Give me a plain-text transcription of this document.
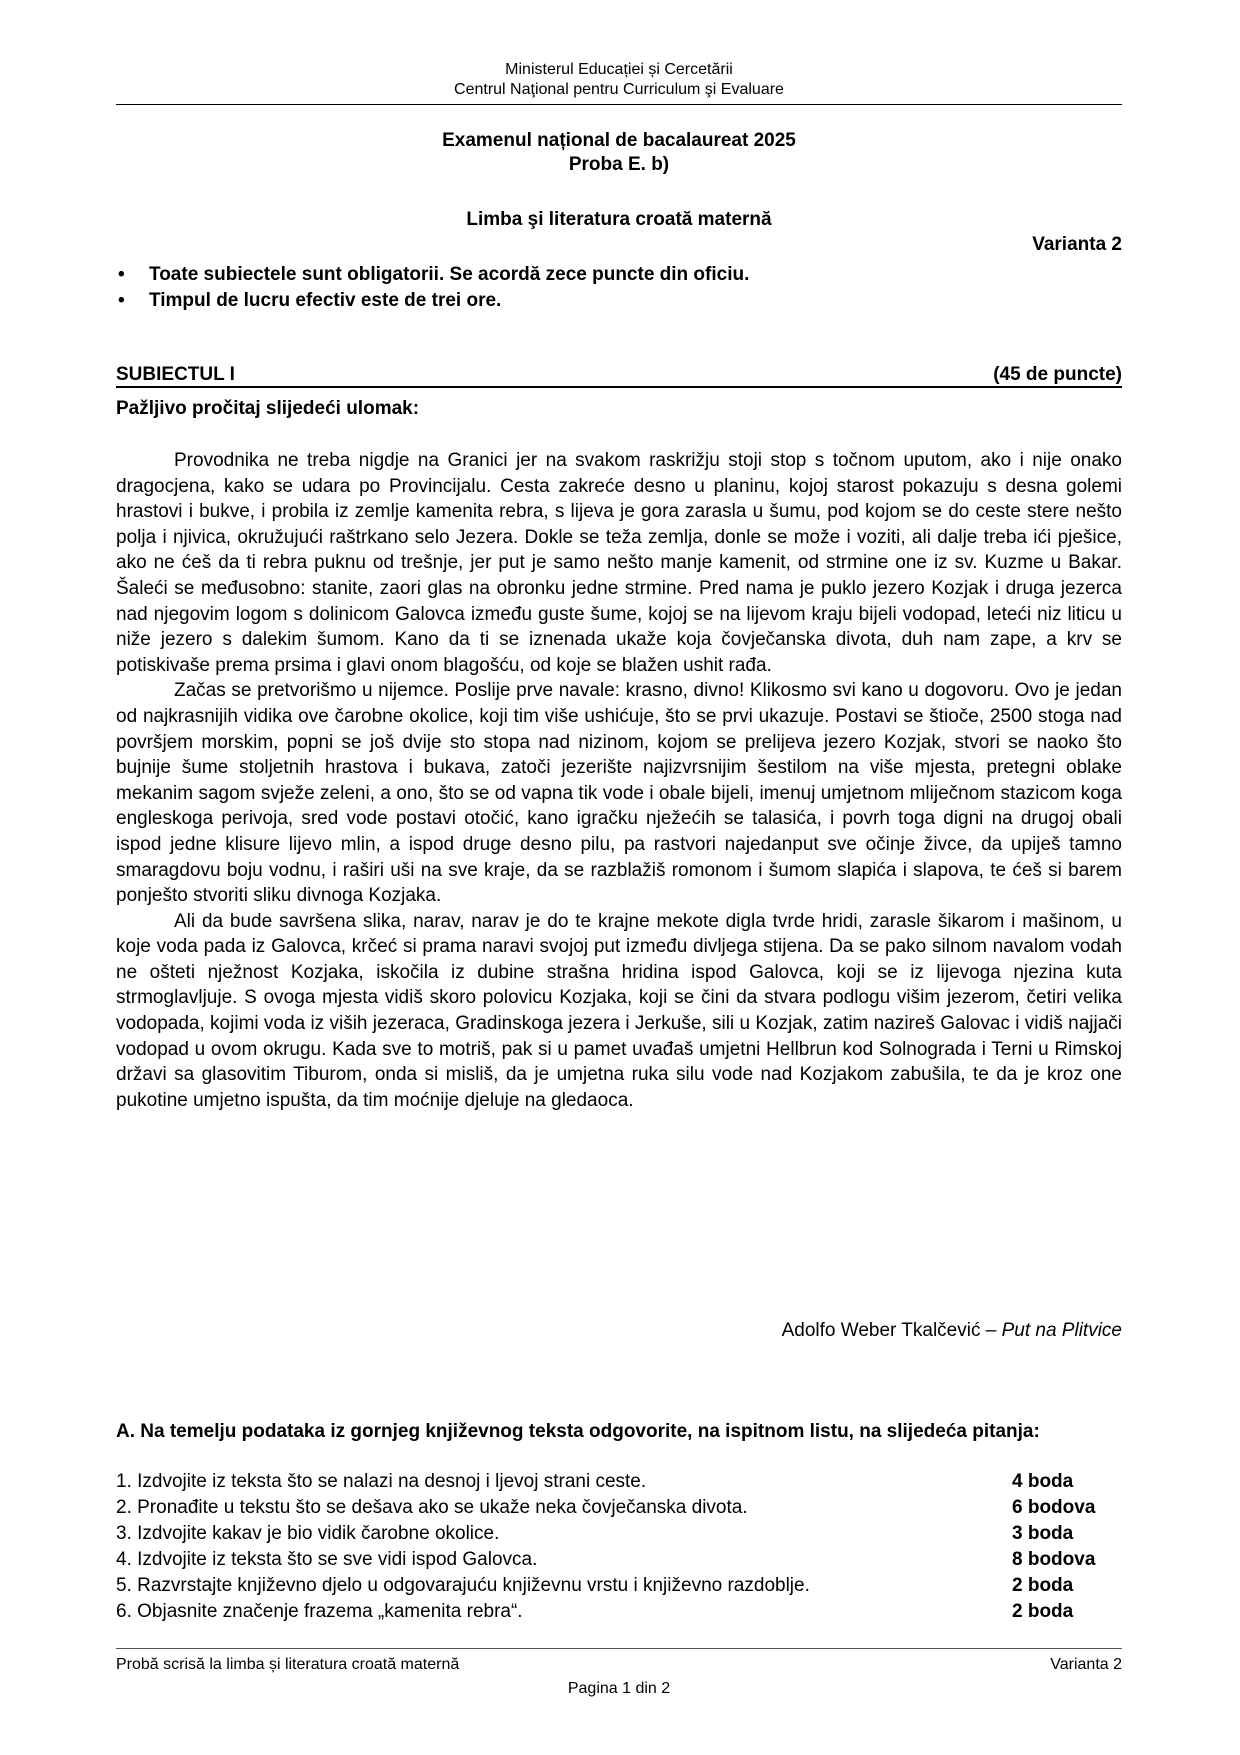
Ministerul Educației și Cercetării
Centrul Naţional pentru Curriculum şi Evaluare
Examenul național de bacalaureat 2025
Proba E. b)
Limba şi literatura croată maternă
Varianta 2
• Toate subiectele sunt obligatorii. Se acordă zece puncte din oficiu.
• Timpul de lucru efectiv este de trei ore.
SUBIECTUL I	(45 de puncte)
Pažljivo pročitaj slijedeći ulomak:

Provodnika ne treba nigdje na Granici jer na svakom raskrižju stoji stop s točnom uputom, ako i nije onako dragocjena, kako se udara po Provincijalu. Cesta zakreće desno u planinu, kojoj starost pokazuju s desna golemi hrastovi i bukve, i probila iz zemlje kamenita rebra, s lijeva je gora zarasla u šumu, pod kojom se do ceste stere nešto polja i njivica, okružujući raštrkano selo Jezera. Dokle se teža zemlja, donle se može i voziti, ali dalje treba ići pješice, ako ne ćeš da ti rebra puknu od trešnje, jer put je samo nešto manje kamenit, od strmine one iz sv. Kuzme u Bakar. Šaleći se međusobno: stanite, zaori glas na obronku jedne strmine. Pred nama je puklo jezero Kozjak i druga jezerca nad njegovim logom s dolinicom Galovca između guste šume, kojoj se na lijevom kraju bijeli vodopad, leteći niz liticu u niže jezero s dalekim šumom. Kano da ti se iznenada ukaže koja čovječanska divota, duh nam zape, a krv se potiskivaše prema prsima i glavi onom blagošću, od koje se blažen ushit rađa.

Začas se pretvorišmo u nijemce. Poslije prve navale: krasno, divno! Klikosmo svi kano u dogovoru. Ovo je jedan od najkrasnijih vidika ove čarobne okolice, koji tim više ushićuje, što se prvi ukazuje. Postavi se štioče, 2500 stoga nad površjem morskim, popni se još dvije sto stopa nad nizinom, kojom se prelijeva jezero Kozjak, stvori se naoko što bujnije šume stoljetnih hrastova i bukava, zatoči jezerište najizvrsnijim šestilom na više mjesta, pretegni oblake mekanim sagom svježe zeleni, a ono, što se od vapna tik vode i obale bijeli, imenuj umjetnom mliječnom stazicom koga engleskoga perivoja, sred vode postavi otočić, kano igračku nježećih se talasića, i povrh toga digni na drugoj obali ispod jedne klisure lijevo mlin, a ispod druge desno pilu, pa rastvori najedanput sve očinje živce, da upiješ tamno smaragdovu boju vodnu, i raširi uši na sve kraje, da se razblažiš romonom i šumom slapića i slapova, te ćeš si barem ponješto stvoriti sliku divnoga Kozjaka.

Ali da bude savršena slika, narav, narav je do te krajne mekote digla tvrde hridi, zarasle šikarom i mašinom, u koje voda pada iz Galovca, krčeć si prama naravi svojoj put između divljega stijena. Da se pako silnom navalom vodah ne ošteti nježnost Kozjaka, iskočila iz dubine strašna hridina ispod Galovca, koji se iz lijevoga njezina kuta strmoglavljuje. S ovoga mjesta vidiš skoro polovicu Kozjaka, koji se čini da stvara podlogu višim jezerom, četiri velika vodopada, kojimi voda iz viših jezeraca, Gradinskoga jezera i Jerkuše, sili u Kozjak, zatim nazireš Galovac i vidiš najjači vodopad u ovom okrugu. Kada sve to motriš, pak si u pamet uvađaš umjetni Hellbrun kod Solnograda i Terni u Rimskoj državi sa glasovitim Tiburom, onda si misliš, da je umjetna ruka silu vode nad Kozjakom zabušila, te da je kroz one pukotine umjetno ispušta, da tim moćnije djeluje na gledaoca.

Adolfo Weber Tkalčević – Put na Plitvice
A. Na temelju podataka iz gornjeg književnog teksta odgovorite, na ispitnom listu, na slijedeća pitanja:
1. Izdvojite iz teksta što se nalazi na desnoj i ljevoj strani ceste.	4 boda
2. Pronađite u tekstu što se dešava ako se ukaže neka čovječanska divota.	6 bodova
3. Izdvojite kakav je bio vidik čarobne okolice.	3 boda
4. Izdvojite iz teksta što se sve vidi ispod Galovca.	8 bodova
5. Razvrstajte književno djelo u odgovarajuću književnu vrstu i književno razdoblje.	2 boda
6. Objasnite značenje frazema „kamenita rebra“.	2 boda
Probă scrisă la limba și literatura croată maternă	Varianta 2
Pagina 1 din 2
